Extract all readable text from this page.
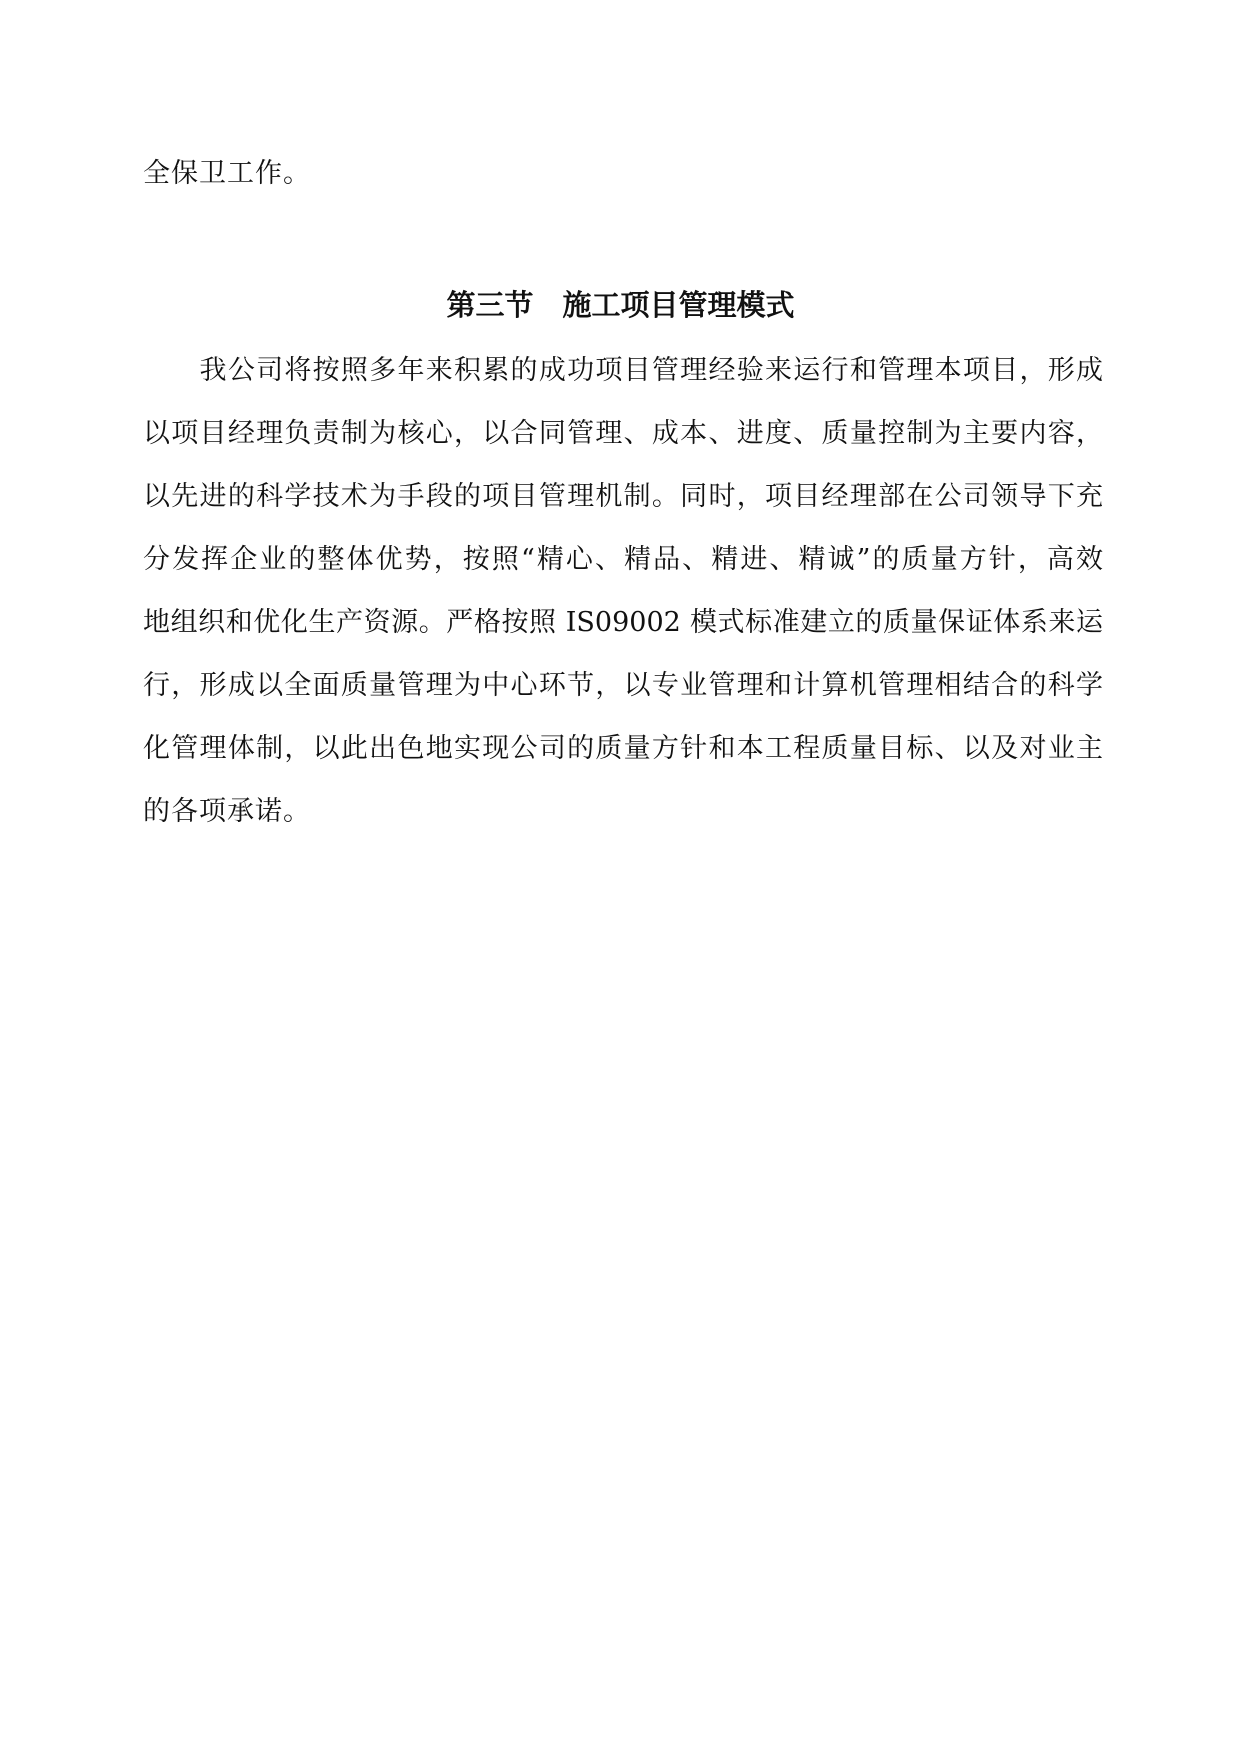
全保卫工作。

第三节　施工项目管理模式

　　我公司将按照多年来积累的成功项目管理经验来运行和管理本项目，形成

以项目经理负责制为核心，以合同管理、成本、进度、质量控制为主要内容，

以先进的科学技术为手段的项目管理机制。同时，项目经理部在公司领导下充

分发挥企业的整体优势，按照“精心、精品、精进、精诚”的质量方针，高效

地组织和优化生产资源。严格按照 IS09002 模式标准建立的质量保证体系来运

行，形成以全面质量管理为中心环节，以专业管理和计算机管理相结合的科学

化管理体制，以此出色地实现公司的质量方针和本工程质量目标、以及对业主

的各项承诺。
